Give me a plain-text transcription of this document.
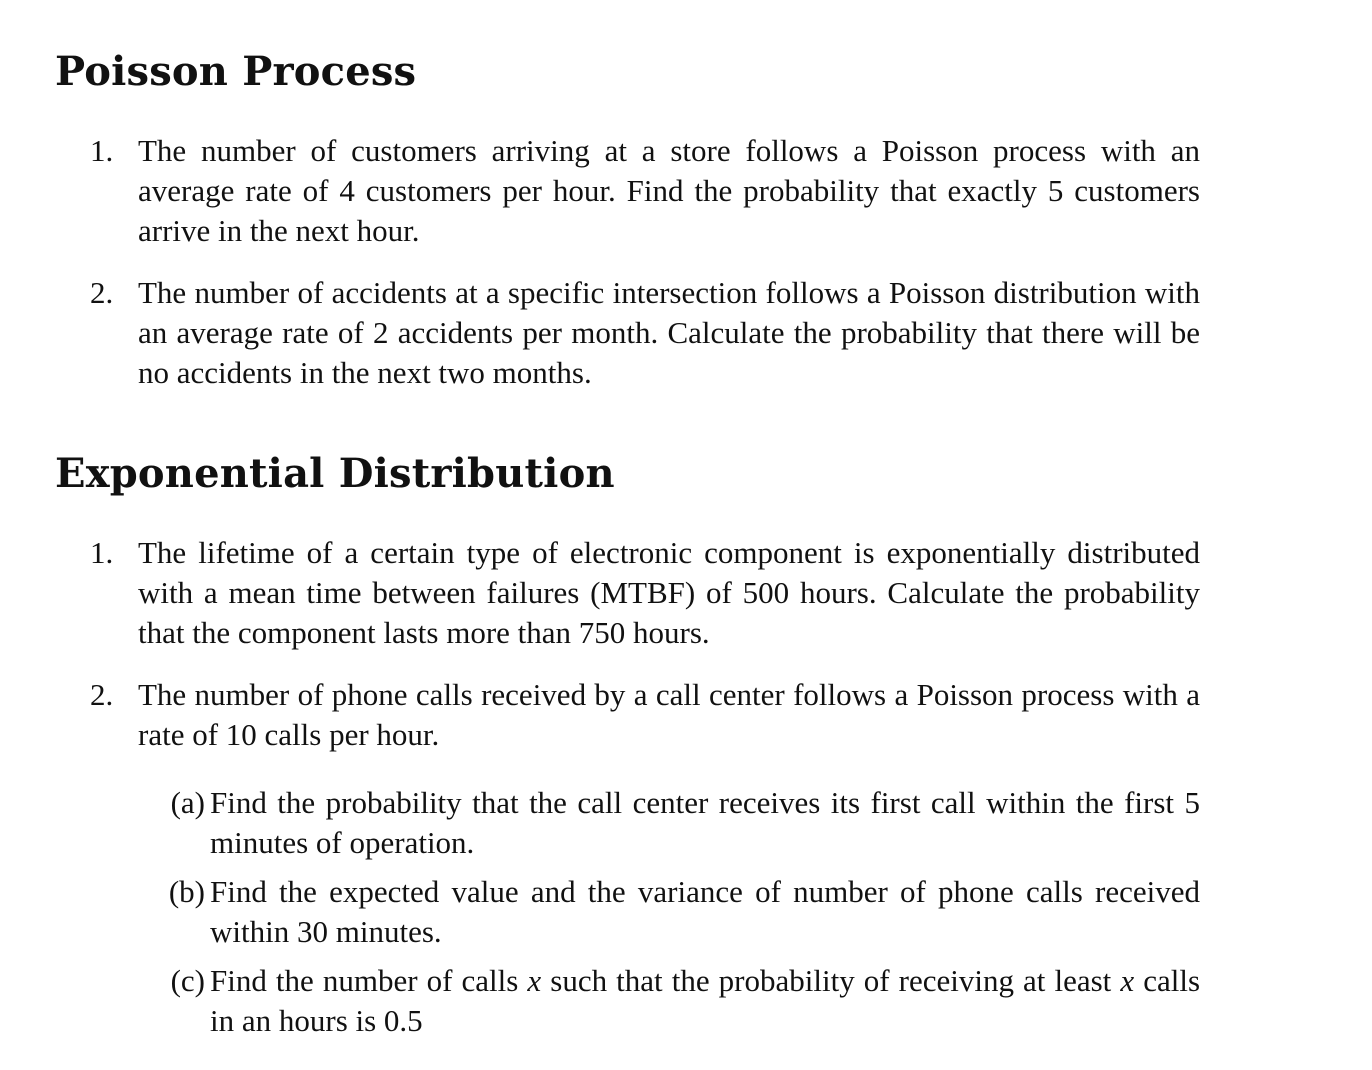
Poisson Process
1. The number of customers arriving at a store follows a Poisson process with an average rate of 4 customers per hour. Find the probability that exactly 5 customers arrive in the next hour.
2. The number of accidents at a specific intersection follows a Poisson distribution with an average rate of 2 accidents per month. Calculate the probability that there will be no accidents in the next two months.
Exponential Distribution
1. The lifetime of a certain type of electronic component is exponentially distributed with a mean time between failures (MTBF) of 500 hours. Calculate the probability that the component lasts more than 750 hours.
2. The number of phone calls received by a call center follows a Poisson process with a rate of 10 calls per hour.
(a) Find the probability that the call center receives its first call within the first 5 minutes of operation.
(b) Find the expected value and the variance of number of phone calls received within 30 minutes.
(c) Find the number of calls x such that the probability of receiving at least x calls in an hours is 0.5
